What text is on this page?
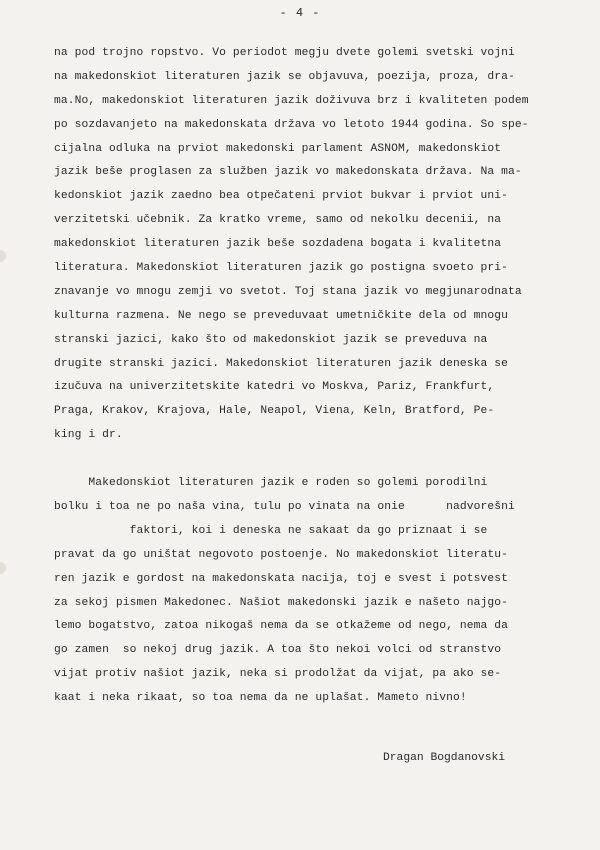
- 4 -
na pod trojno ropstvo. Vo periodot megju dvete golemi svetski vojni
na makedonskiot literaturen jazik se objavuva, poezija, proza, dra-
ma.No, makedonskiot literaturen jazik doživuva brz i kvaliteten podem
po sozdavanjeto na makedonskata država vo letoto 1944 godina. So spe-
cijalna odluka na prviot makedonski parlament ASNOM, makedonskiot
jazik beše proglasen za služben jazik vo makedonskata država. Na ma-
kedonskiot jazik zaedno bea otpečateni prviot bukvar i prviot uni-
verzitetski učebnik. Za kratko vreme, samo od nekolku decenii, na
makedonskiot literaturen jazik beše sozdadena bogata i kvalitetna
literatura. Makedonskiot literaturen jazik go postigna svoeto pri-
znavanje vo mnogu zemji vo svetot. Toj stana jazik vo megjunarodnata
kulturna razmena. Ne nego se preveduvaat umetničkite dela od mnogu
stranski jazici, kako što od makedonskiot jazik se preveduva na
drugite stranski jazici. Makedonskiot literaturen jazik deneska se
izučuva na univerzitetskite katedri vo Moskva, Pariz, Frankfurt,
Praga, Krakov, Krajova, Hale, Neapol, Viena, Keln, Bratford, Pe-
king i dr.
Makedonskiot literaturen jazik e roden so golemi porodilni
bolku i toa ne po naša vina, tulu po vinata na onie      nadvorešni
faktori, koi i deneska ne sakaat da go priznaat i se
pravat da go uništat negovoto postoenje. No makedonskiot literatu-
ren jazik e gordost na makedonskata nacija, toj e svest i potsvest
za sekoj pismen Makedonec. Našiot makedonski jazik e našeto najgo-
lemo bogatstvo, zatoa nikogaš nema da se otkažeme od nego, nema da
go zamen  so nekoj drug jazik. A toa što nekoi volci od stranstvo
vijat protiv našiot jazik, neka si prodolžat da vijat, pa ako se-
kaat i neka rikaat, so toa nema da ne uplašat. Mameto nivno!
Dragan Bogdanovski
